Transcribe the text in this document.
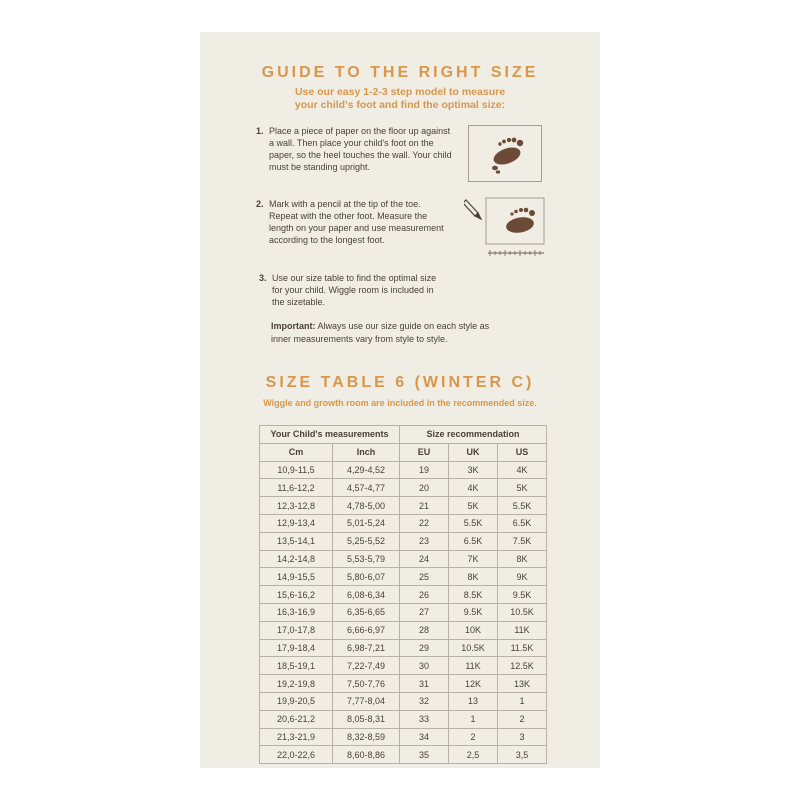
GUIDE TO THE RIGHT SIZE
Use our easy 1-2-3 step model to measure
your child's foot and find the optimal size:
1. Place a piece of paper on the floor up against
a wall. Then place your child's foot on the
paper, so the heel touches the wall. Your child
must be standing upright.
2. Mark with a pencil at the tip of the toe.
Repeat with the other foot. Measure the
length on your paper and use measurement
according to the longest foot.
3. Use our size table to find the optimal size
for your child. Wiggle room is included in
the sizetable.
Important: Always use our size guide on each style as inner measurements vary from style to style.
SIZE TABLE 6 (WINTER C)
Wiggle and growth room are included in the recommended size.
Your Child's measurements		Size recommendation		
Cm	Inch	EU	UK	US
10,9-11,5	4,29-4,52	19	3K	4K
11,6-12,2	4,57-4,77	20	4K	5K
12,3-12,8	4,78-5,00	21	5K	5.5K
12,9-13,4	5,01-5,24	22	5.5K	6.5K
13,5-14,1	5,25-5,52	23	6.5K	7.5K
14,2-14,8	5,53-5,79	24	7K	8K
14,9-15,5	5,80-6,07	25	8K	9K
15,6-16,2	6,08-6,34	26	8.5K	9.5K
16,3-16,9	6,35-6,65	27	9.5K	10.5K
17,0-17,8	6,66-6,97	28	10K	11K
17,9-18,4	6,98-7,21	29	10.5K	11.5K
18,5-19,1	7,22-7,49	30	11K	12.5K
19,2-19,8	7,50-7,76	31	12K	13K
19,9-20,5	7,77-8,04	32	13	1
20,6-21,2	8,05-8,31	33	1	2
21,3-21,9	8,32-8,59	34	2	3
22,0-22,6	8,60-8,86	35	2,5	3,5
